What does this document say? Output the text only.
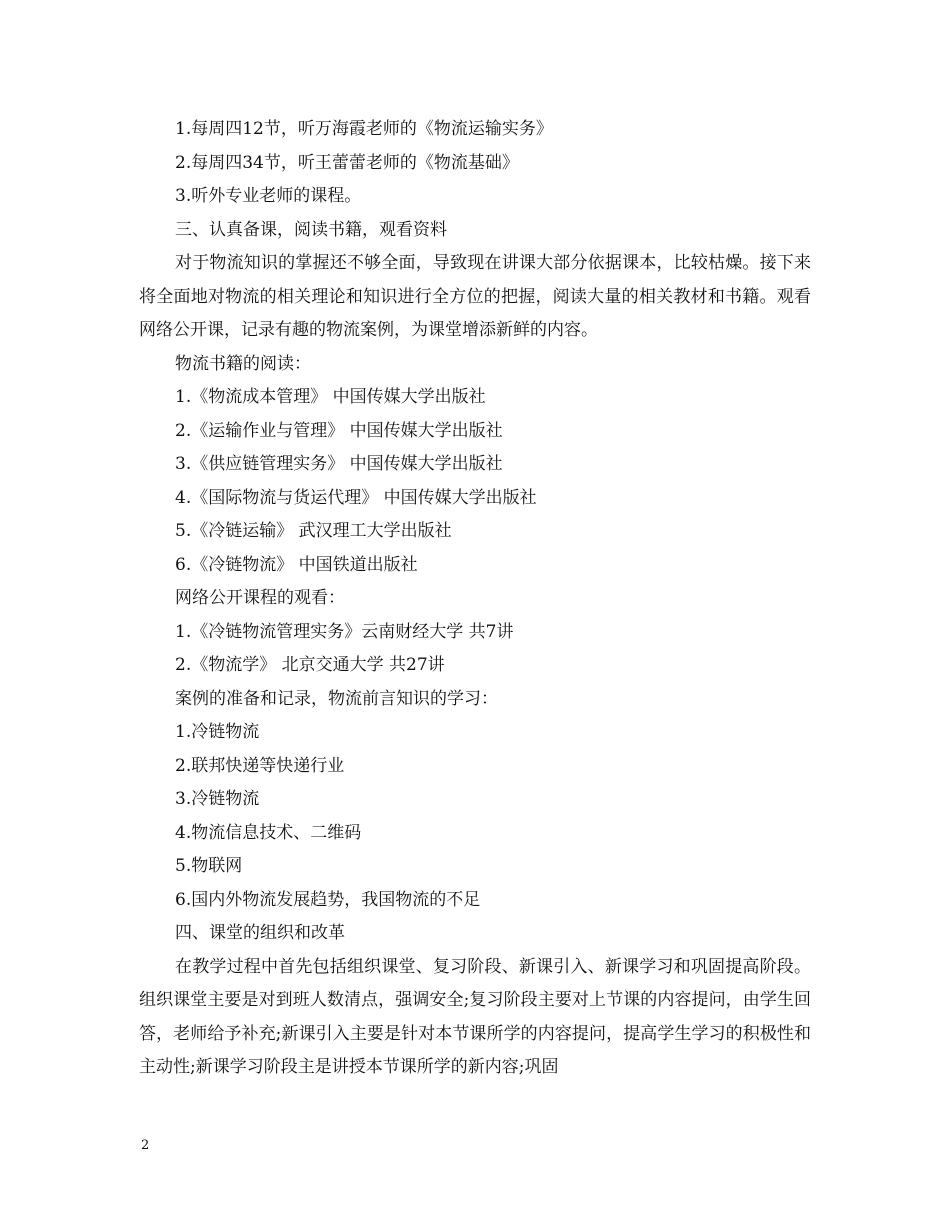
1.每周四12节，听万海霞老师的《物流运输实务》
2.每周四34节，听王蕾蕾老师的《物流基础》
3.听外专业老师的课程。
三、认真备课，阅读书籍，观看资料
对于物流知识的掌握还不够全面，导致现在讲课大部分依据课本，比较枯燥。接下来将全面地对物流的相关理论和知识进行全方位的把握，阅读大量的相关教材和书籍。观看网络公开课，记录有趣的物流案例，为课堂增添新鲜的内容。
物流书籍的阅读：
1.《物流成本管理》 中国传媒大学出版社
2.《运输作业与管理》 中国传媒大学出版社
3.《供应链管理实务》 中国传媒大学出版社
4.《国际物流与货运代理》 中国传媒大学出版社
5.《冷链运输》 武汉理工大学出版社
6.《冷链物流》 中国铁道出版社
网络公开课程的观看：
1.《冷链物流管理实务》云南财经大学 共7讲
2.《物流学》 北京交通大学 共27讲
案例的准备和记录，物流前言知识的学习：
1.冷链物流
2.联邦快递等快递行业
3.冷链物流
4.物流信息技术、二维码
5.物联网
6.国内外物流发展趋势，我国物流的不足
四、课堂的组织和改革
在教学过程中首先包括组织课堂、复习阶段、新课引入、新课学习和巩固提高阶段。组织课堂主要是对到班人数清点，强调安全;复习阶段主要对上节课的内容提问，由学生回答，老师给予补充;新课引入主要是针对本节课所学的内容提问，提高学生学习的积极性和主动性;新课学习阶段主是讲授本节课所学的新内容;巩固
2
